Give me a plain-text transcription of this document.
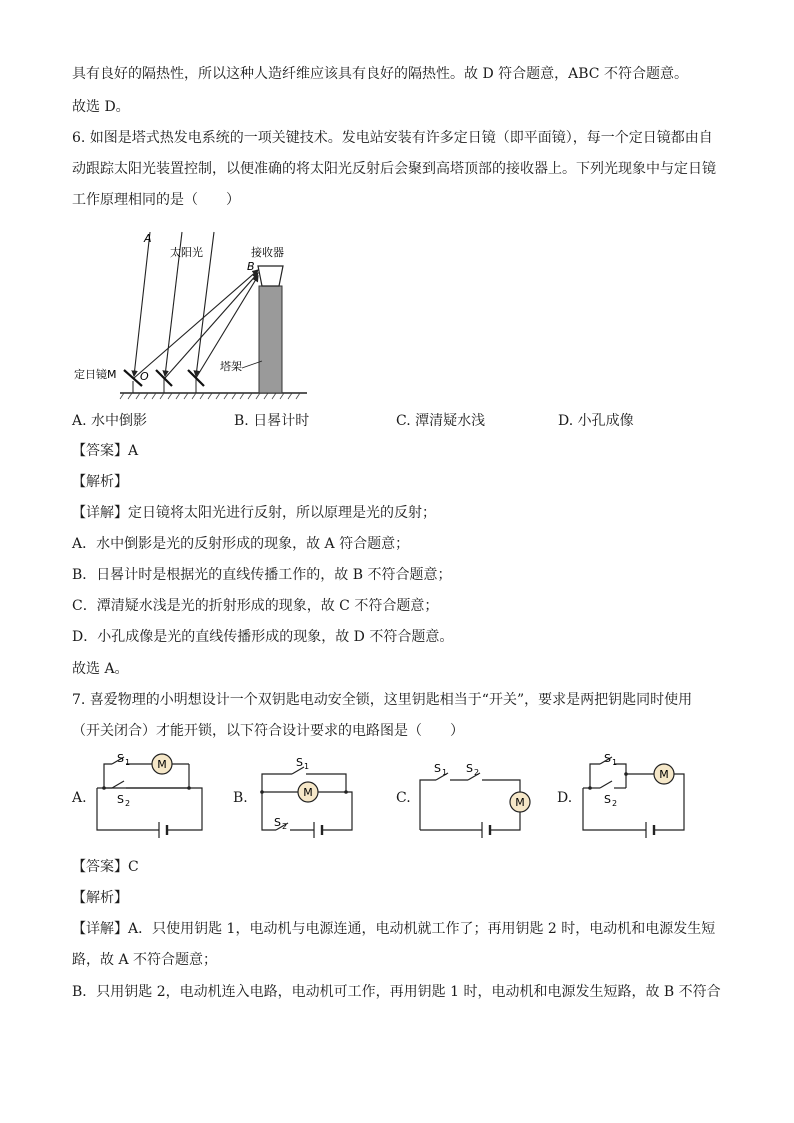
具有良好的隔热性，所以这种人造纤维应该具有良好的隔热性。故 D 符合题意，ABC 不符合题意。
故选 D。
6. 如图是塔式热发电系统的一项关键技术。发电站安装有许多定日镜（即平面镜），每一个定日镜都由自
动跟踪太阳光装置控制，以便准确的将太阳光反射后会聚到高塔顶部的接收器上。下列光现象中与定日镜
工作原理相同的是（　　）
A
太阳光	接收器
B
塔架
定日镜M O
A. 水中倒影	B. 日晷计时	C. 潭清疑水浅	D. 小孔成像
【答案】A
【解析】
【详解】定日镜将太阳光进行反射，所以原理是光的反射；
A．水中倒影是光的反射形成的现象，故 A 符合题意；
B．日晷计时是根据光的直线传播工作的，故 B 不符合题意；
C．潭清疑水浅是光的折射形成的现象，故 C 不符合题意；
D．小孔成像是光的直线传播形成的现象，故 D 不符合题意。
故选 A。
7. 喜爱物理的小明想设计一个双钥匙电动安全锁，这里钥匙相当于“开关”，要求是两把钥匙同时使用
（开关闭合）才能开锁，以下符合设计要求的电路图是（　　）
A.	B.	C.	D.
M
S 1
S 2
M
S 1
S 2
M
S 1 S 2	M
S 1
S 2
【答案】C
【解析】
【详解】A．只使用钥匙 1，电动机与电源连通，电动机就工作了；再用钥匙 2 时，电动机和电源发生短
路，故 A 不符合题意；
B．只用钥匙 2，电动机连入电路，电动机可工作，再用钥匙 1 时，电动机和电源发生短路，故 B 不符合
